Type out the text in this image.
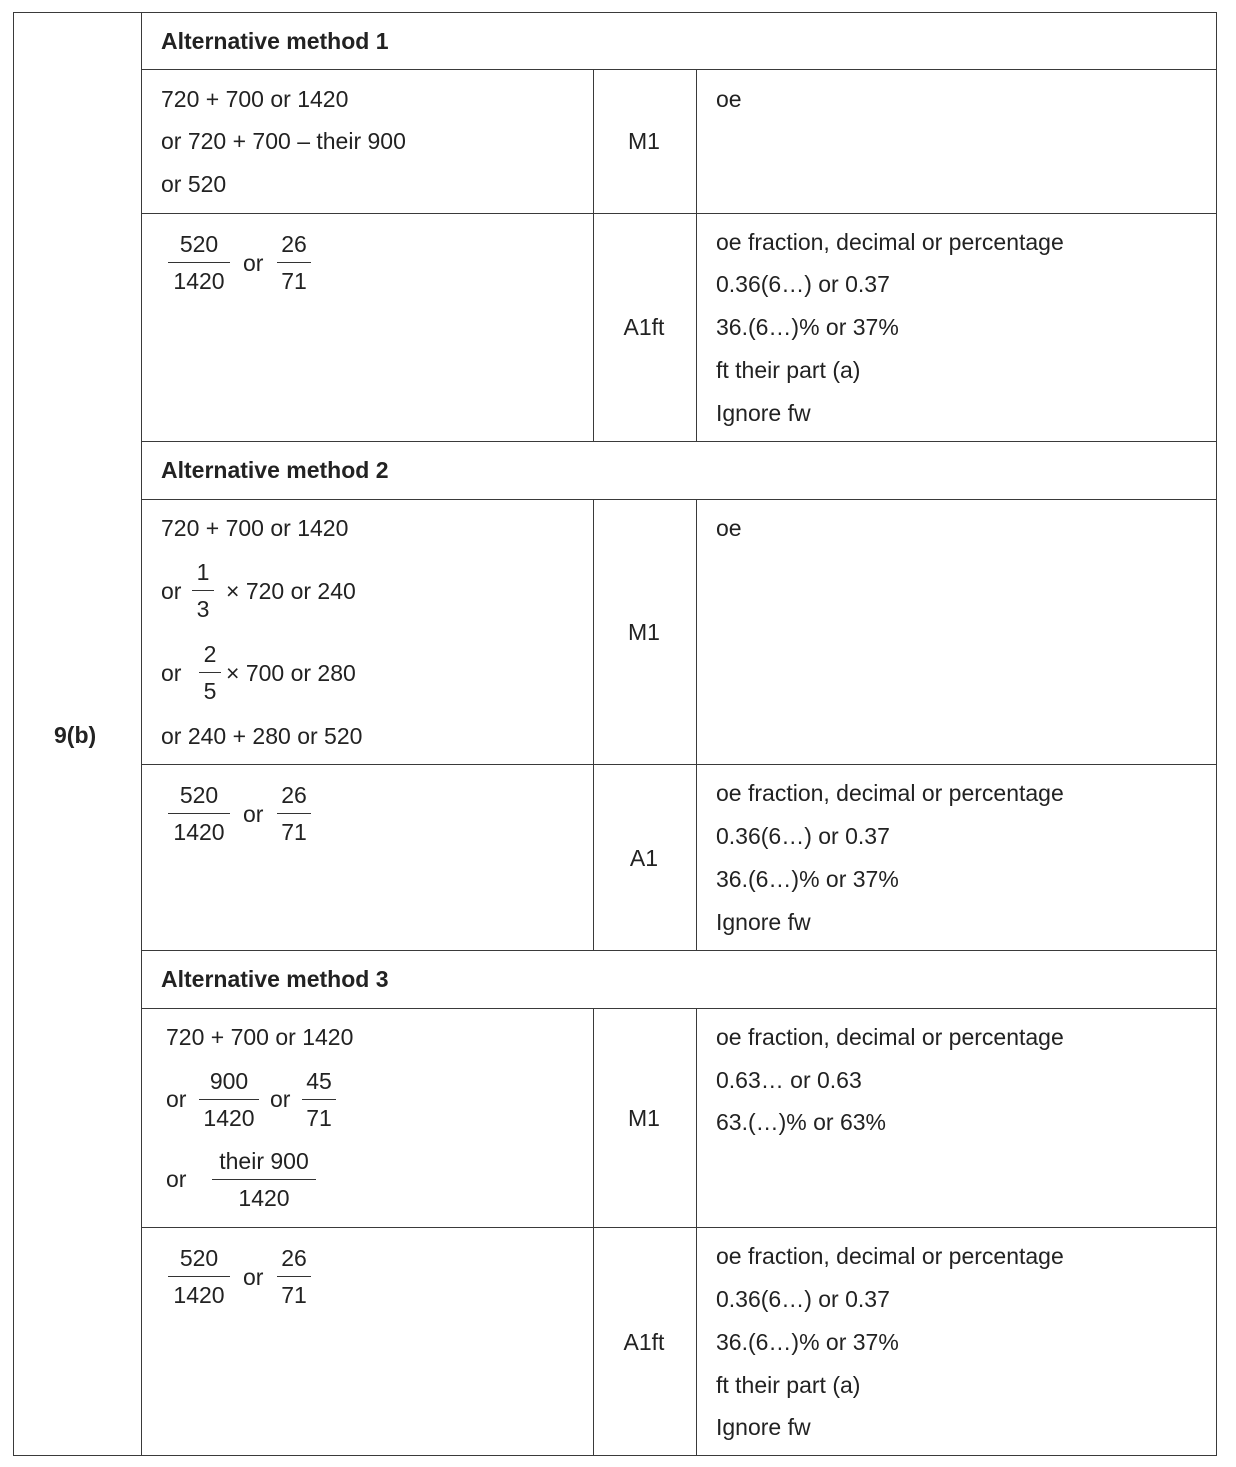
9(b)
Alternative method 1
720 + 700 or 1420
or 720 + 700 – their 900
or 520
M1
oe
$\frac{520}{1420}$ or $\frac{26}{71}$
A1ft
oe fraction, decimal or percentage
0.36(6…) or 0.37
36.(6…)% or 37%
ft their part (a)
Ignore fw
Alternative method 2
720 + 700 or 1420
or $\frac{1}{3} \times 720$ or 240
or $\frac{2}{5} \times 700$ or 280
or 240 + 280 or 520
M1
oe
$\frac{520}{1420}$ or $\frac{26}{71}$
A1
oe fraction, decimal or percentage
0.36(6…) or 0.37
36.(6…)% or 37%
Ignore fw
Alternative method 3
720 + 700 or 1420
or $\frac{900}{1420}$ or $\frac{45}{71}$
or
their 900
1420
M1
oe fraction, decimal or percentage
0.63… or 0.63
63.(…)% or 63%
$\frac{520}{1420}$ or $\frac{26}{71}$
A1ft
oe fraction, decimal or percentage
0.36(6…) or 0.37
36.(6…)% or 37%
ft their part (a)
Ignore fw
